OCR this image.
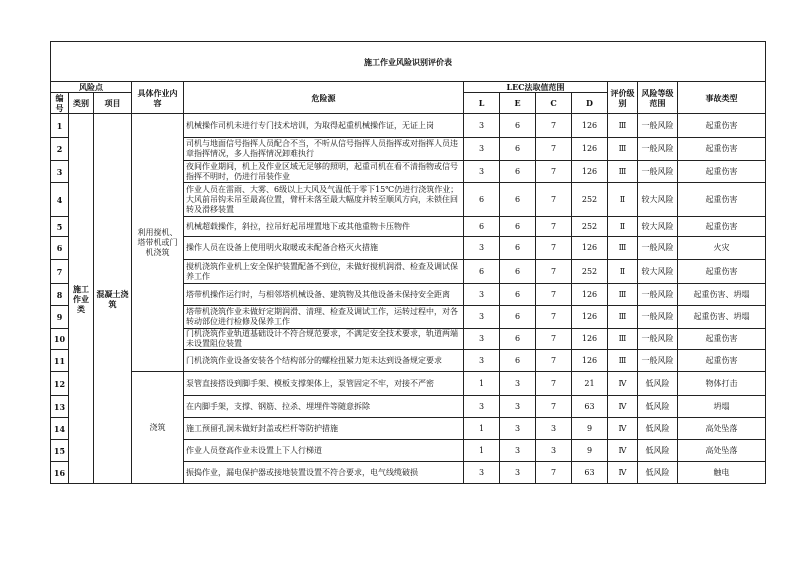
施工作业风险识别评价表											
风险点			具体作业内容	危险源	LEC法取值范围				评价级别	风险等级范围	事故类型
编号	类别	项目			L	E	C	D			
1	施工作业类	混凝土浇筑	利用搅机、塔带机或门机浇筑	机械操作司机未进行专门技术培训，为取得起重机械操作证，无证上岗	3	6	7	126	Ⅲ	一般风险	起重伤害
2				司机与地面信号指挥人员配合不当，不听从信号指挥人员指挥或对指挥人员违章指挥情况，多人指挥情况卸难执行	3	6	7	126	Ⅲ	一般风险	起重伤害
3				夜间作业期间，机上及作业区域无足够的照明，起重司机在看不清指物或信号指挥不明时，仍进行吊装作业	3	6	7	126	Ⅲ	一般风险	起重伤害
4				作业人员在雷雨、大雾、6级以上大风及气温低于零下15℃仍进行浇筑作业；大风前吊钩未吊至最高位置，臂杆未落至最大幅度并转至顺风方向，未锁住回转及滑移装置	6	6	7	252	Ⅱ	较大风险	起重伤害
5				机械超载操作，斜拉，拉吊好起吊埋置地下或其他重物卡压物件	6	6	7	252	Ⅱ	较大风险	起重伤害
6				操作人员在设备上使用明火取暖或未配备合格灭火措施	3	6	7	126	Ⅲ	一般风险	火灾
7				搅机浇筑作业机上安全保护装置配备不到位，未做好搅机润滑、检查及调试保养工作	6	6	7	252	Ⅱ	较大风险	起重伤害
8				塔带机操作运行时，与相邻塔机械设备、建筑物及其他设备未保持安全距离	3	6	7	126	Ⅲ	一般风险	起重伤害、坍塌
9				塔带机浇筑作业未做好定期润滑、清理、检查及调试工作，运转过程中，对各转动部位进行检修及保养工作	3	6	7	126	Ⅲ	一般风险	起重伤害、坍塌
10				门机浇筑作业轨道基础设计不符合规范要求，不满足安全技术要求，轨道两端未设置阻位装置	3	6	7	126	Ⅲ	一般风险	起重伤害
11				门机浇筑作业设备安装各个结构部分的螺栓扭紧力矩未达到设备规定要求	3	6	7	126	Ⅲ	一般风险	起重伤害
12			浇筑	泵管直接搭设到脚手架、模板支撑架体上，泵管固定不牢，对接不严密	1	3	7	21	Ⅳ	低风险	物体打击
13				在内脚手架，支撑、钢筋、拉杀、埋埋件等随意拆除	3	3	7	63	Ⅳ	低风险	坍塌
14				施工预留孔洞未做好封盖或栏杆等防护措施	1	3	3	9	Ⅳ	低风险	高处坠落
15				作业人员登高作业未设置上下人行梯道	1	3	3	9	Ⅳ	低风险	高处坠落
16				振捣作业，漏电保护器或接地装置设置不符合要求，电气线缆破损	3	3	7	63	Ⅳ	低风险	触电
